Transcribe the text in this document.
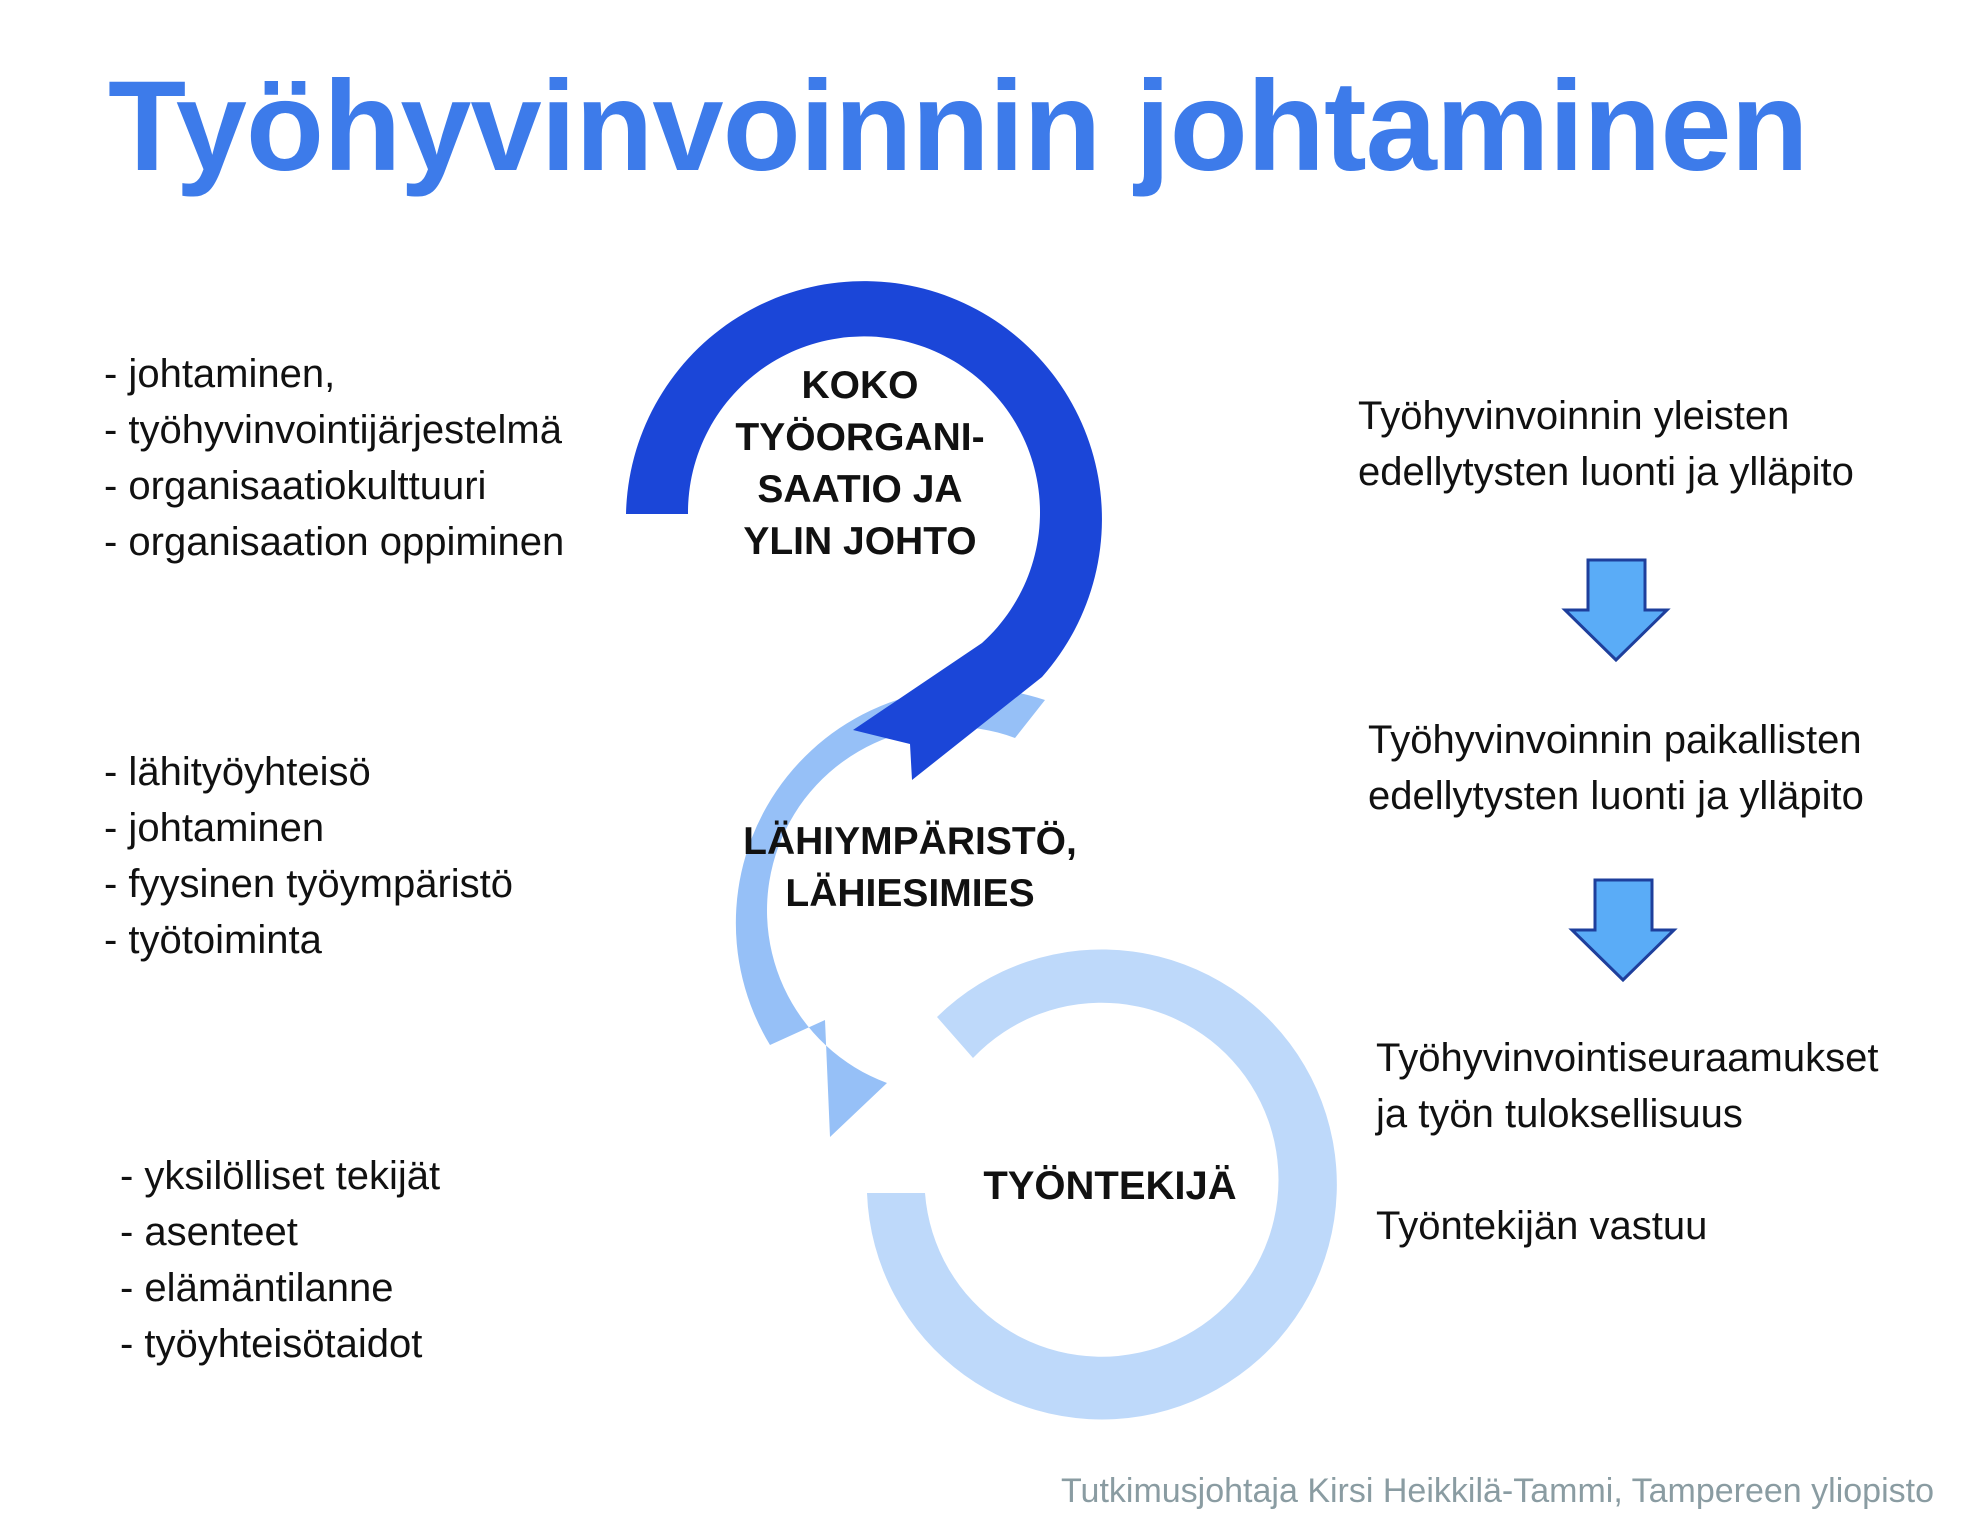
Työhyvinvoinnin johtaminen
- johtaminen,
- työhyvinvointijärjestelmä
- organisaatiokulttuuri
- organisaation oppiminen
- lähityöyhteisö
- johtaminen
- fyysinen työympäristö
- työtoiminta
- yksilölliset tekijät
- asenteet
- elämäntilanne
- työyhteisötaidot
KOKO
TYÖORGANI-
SAATIO JA
YLIN JOHTO
LÄHIYMPÄRISTÖ,
LÄHIESIMIES
TYÖNTEKIJÄ
Työhyvinvoinnin yleisten
edellytysten luonti ja ylläpito
Työhyvinvoinnin paikallisten
edellytysten luonti ja ylläpito
Työhyvinvointiseuraamukset
ja työn tuloksellisuus
Työntekijän vastuu
Tutkimusjohtaja Kirsi Heikkilä-Tammi, Tampereen yliopisto
